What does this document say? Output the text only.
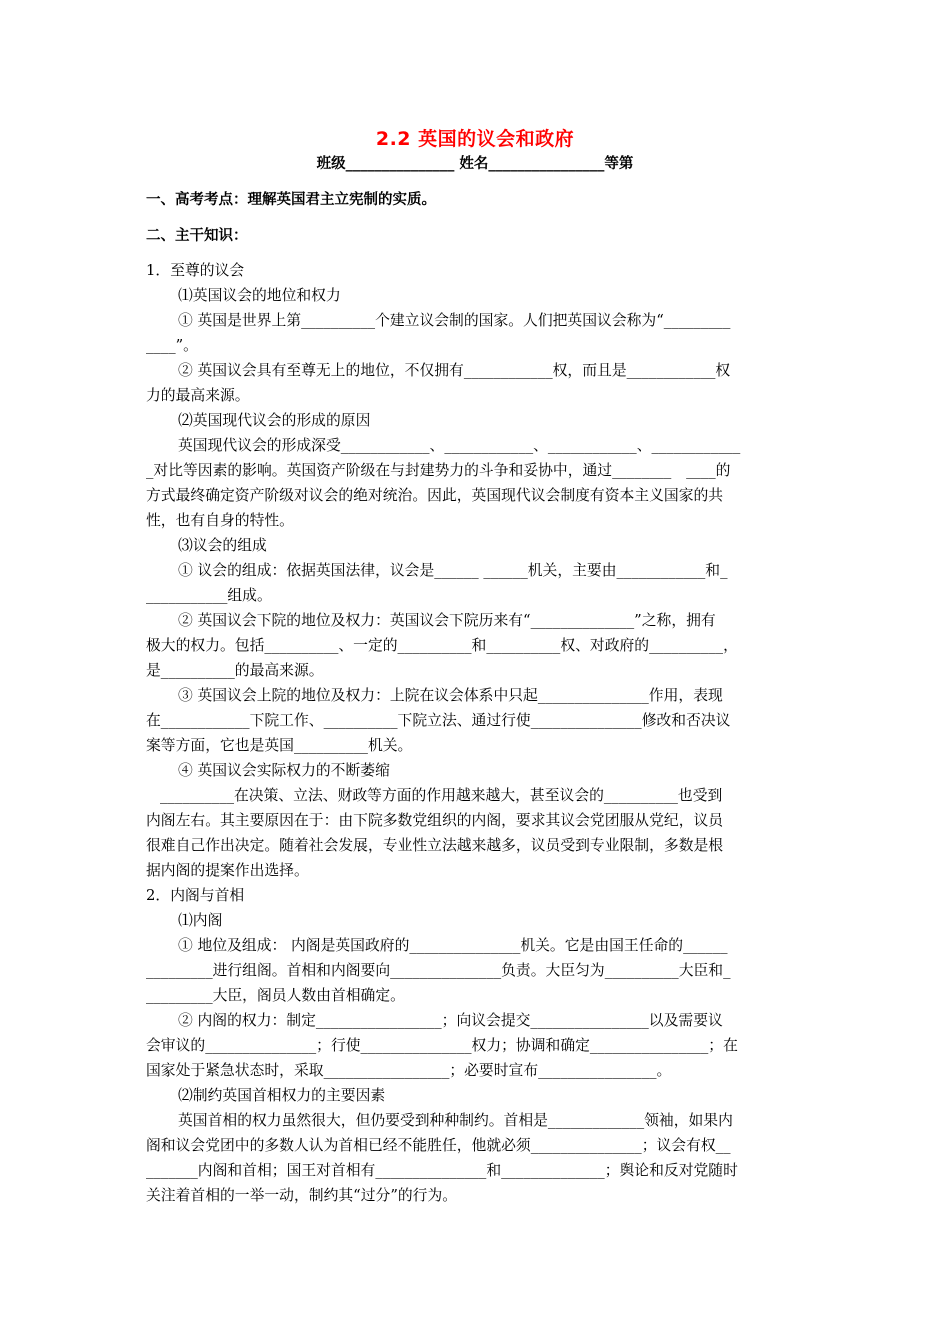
2.2 英国的议会和政府
班级_______________ 姓名________________等第
一、高考考点：理解英国君主立宪制的实质。
二、主干知识：
1．至尊的议会
⑴英国议会的地位和权力
① 英国是世界上第__________个建立议会制的国家。人们把英国议会称为“_________
____”。
② 英国议会具有至尊无上的地位，不仅拥有____________权，而且是____________权
力的最高来源。
⑵英国现代议会的形成的原因
英国现代议会的形成深受____________、____________、____________、____________
_对比等因素的影响。英国资产阶级在与封建势力的斗争和妥协中，通过________　____的
方式最终确定资产阶级对议会的绝对统治。因此，英国现代议会制度有资本主义国家的共
性，也有自身的特性。
⑶议会的组成
① 议会的组成：依据英国法律，议会是______ ______机关，主要由____________和_
___________组成。
② 英国议会下院的地位及权力：英国议会下院历来有“______________”之称，拥有
极大的权力。包括__________、一定的__________和__________权、对政府的__________，
是__________的最高来源。
③ 英国议会上院的地位及权力：上院在议会体系中只起_______________作用，表现
在____________下院工作、__________下院立法、通过行使_______________修改和否决议
案等方面，它也是英国__________机关。
④ 英国议会实际权力的不断萎缩
__________在决策、立法、财政等方面的作用越来越大，甚至议会的__________也受到
内阁左右。其主要原因在于：由下院多数党组织的内阁，要求其议会党团服从党纪，议员
很难自己作出决定。随着社会发展，专业性立法越来越多，议员受到专业限制，多数是根
据内阁的提案作出选择。
2．内阁与首相
⑴内阁
① 地位及组成： 内阁是英国政府的_______________机关。它是由国王任命的______
_________进行组阁。首相和内阁要向_______________负责。大臣匀为__________大臣和_
_________大臣，阁员人数由首相确定。
② 内阁的权力：制定_________________；向议会提交________________以及需要议
会审议的_______________；行使_______________权力；协调和确定________________；在
国家处于紧急状态时，采取_________________；必要时宣布________________。
⑵制约英国首相权力的主要因素
英国首相的权力虽然很大，但仍要受到种种制约。首相是_____________领袖，如果内
阁和议会党团中的多数人认为首相已经不能胜任，他就必须_______________；议会有权__
_______内阁和首相；国王对首相有_______________和______________；舆论和反对党随时
关注着首相的一举一动，制约其“过分”的行为。
